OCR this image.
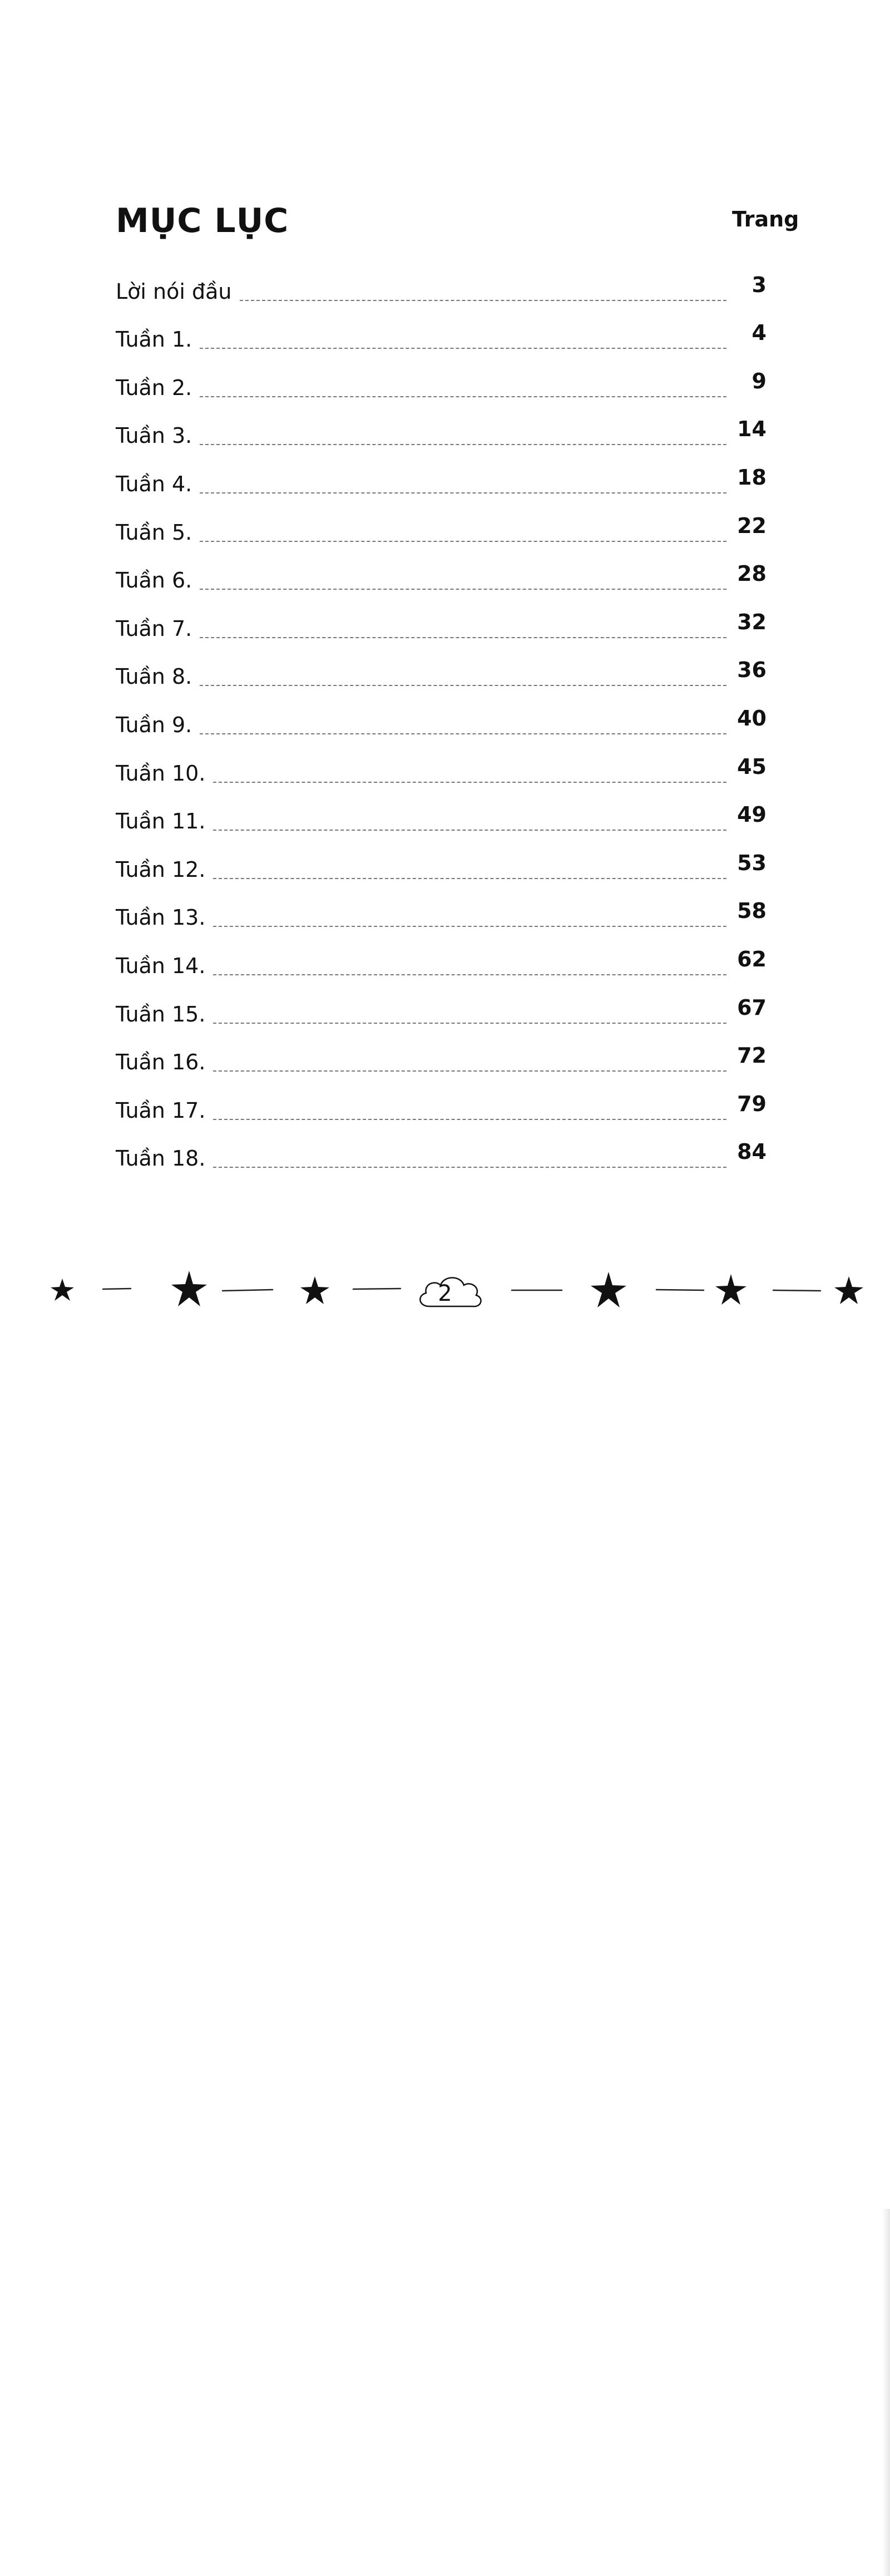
MỤC LỤC	Trang
Lời nói đầu	3
Tuần 1.	4
Tuần 2.	9
Tuần 3.	14
Tuần 4.	18
Tuần 5.	22
Tuần 6.	28
Tuần 7.	32
Tuần 8.	36
Tuần 9.	40
Tuần 10.	45
Tuần 11.	49
Tuần 12.	53
Tuần 13.	58
Tuần 14.	62
Tuần 15.	67
Tuần 16.	72
Tuần 17.	79
Tuần 18.	84
2
